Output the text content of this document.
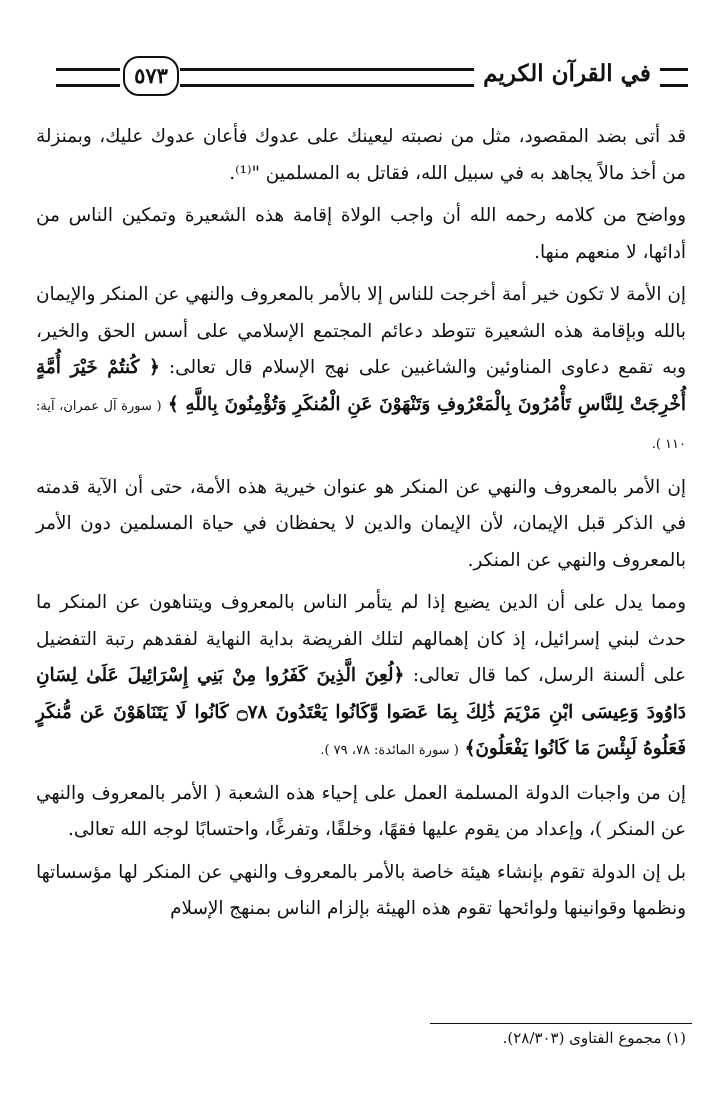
٥٧٣	في القرآن الكريم

قد أتى بضد المقصود، مثل من نصبته ليعينك على عدوك فأعان عدوك عليك، وبمنزلة من أخذ مالاً يجاهد به في سبيل الله، فقاتل به المسلمين "⁽¹⁾.

وواضح من كلامه رحمه الله أن واجب الولاة إقامة هذه الشعيرة وتمكين الناس من أدائها، لا منعهم منها.

إن الأمة لا تكون خير أمة أخرجت للناس إلا بالأمر بالمعروف والنهي عن المنكر والإيمان بالله وبإقامة هذه الشعيرة تتوطد دعائم المجتمع الإسلامي على أسس الحق والخير، وبه تقمع دعاوى المناوئين والشاغبين على نهج الإسلام قال تعالى: ﴿ كُنتُمْ خَيْرَ أُمَّةٍ أُخْرِجَتْ لِلنَّاسِ تَأْمُرُونَ بِالْمَعْرُوفِ وَتَنْهَوْنَ عَنِ الْمُنكَرِ وَتُؤْمِنُونَ بِاللَّهِ ﴾ ( سورة آل عمران، آية: ١١٠ ).

إن الأمر بالمعروف والنهي عن المنكر هو عنوان خيرية هذه الأمة، حتى أن الآية قدمته في الذكر قبل الإيمان، لأن الإيمان والدين لا يحفظان في حياة المسلمين دون الأمر بالمعروف والنهي عن المنكر.

ومما يدل على أن الدين يضيع إذا لم يتأمر الناس بالمعروف ويتناهون عن المنكر ما حدث لبني إسرائيل، إذ كان إهمالهم لتلك الفريضة بداية النهاية لفقدهم رتبة التفضيل على ألسنة الرسل، كما قال تعالى: ﴿لُعِنَ الَّذِينَ كَفَرُوا مِنْ بَنِي إِسْرَائِيلَ عَلَىٰ لِسَانِ دَاوُودَ وَعِيسَى ابْنِ مَرْيَمَ ذَٰلِكَ بِمَا عَصَوا وَّكَانُوا يَعْتَدُونَ ۝٧٨ كَانُوا لَا يَتَنَاهَوْنَ عَن مُّنكَرٍ فَعَلُوهُ لَبِئْسَ مَا كَانُوا يَفْعَلُونَ﴾ ( سورة المائدة: ٧٨، ٧٩ ).

إن من واجبات الدولة المسلمة العمل على إحياء هذه الشعبة ( الأمر بالمعروف والنهي عن المنكر )، وإعداد من يقوم عليها فقهًا، وخلقًا، وتفرغًا، واحتسابًا لوجه الله تعالى.

بل إن الدولة تقوم بإنشاء هيئة خاصة بالأمر بالمعروف والنهي عن المنكر لها مؤسساتها ونظمها وقوانينها ولوائحها تقوم هذه الهيئة بإلزام الناس بمنهج الإسلام

(١) مجموع الفتاوى (٢٨/٣٠٣).
